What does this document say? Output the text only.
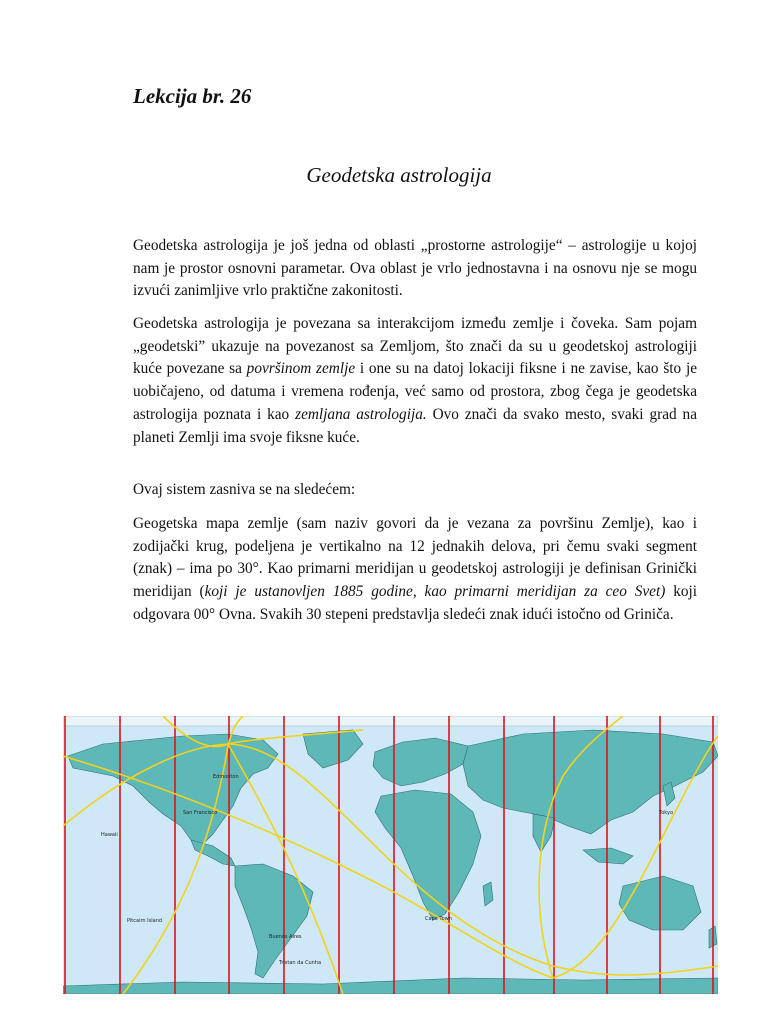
Lekcija br. 26
Geodetska astrologija
Geodetska astrologija je još jedna od oblasti „prostorne astrologije“ – astrologije u kojoj nam je prostor osnovni parametar. Ova oblast je vrlo jednostavna i na osnovu nje se mogu izvući zanimljive vrlo praktične zakonitosti.
Geodetska astrologija je povezana sa interakcijom između zemlje i čoveka. Sam pojam „geodetski” ukazuje na povezanost sa Zemljom, što znači da su u geodetskoj astrologiji kuće povezane sa površinom zemlje i one su na datoj lokaciji fiksne i ne zavise, kao što je uobičajeno, od datuma i vremena rođenja, već samo od prostora, zbog čega je geodetska astrologija poznata i kao zemljana astrologija. Ovo znači da svako mesto, svaki grad na planeti Zemlji ima svoje fiksne kuće.
Ovaj sistem zasniva se na sledećem:
Geogetska mapa zemlje (sam naziv govori da je vezana za površinu Zemlje), kao i zodijački krug, podeljena je vertikalno na 12 jednakih delova, pri čemu svaki segment (znak) – ima po 30°. Kao primarni meridijan u geodetskoj astrologiji je definisan Grinički meridijan (koji je ustanovljen 1885 godine, kao primarni meridijan za ceo Svet) koji odgovara 00° Ovna. Svakih 30 stepeni predstavlja sledeći znak idući istočno od Griniča.
Edmonton
San Francisco
Hawaii
Pitcairn Island
Buenos Aires
Tristan da Cunha
Cape Town
Tokyo
